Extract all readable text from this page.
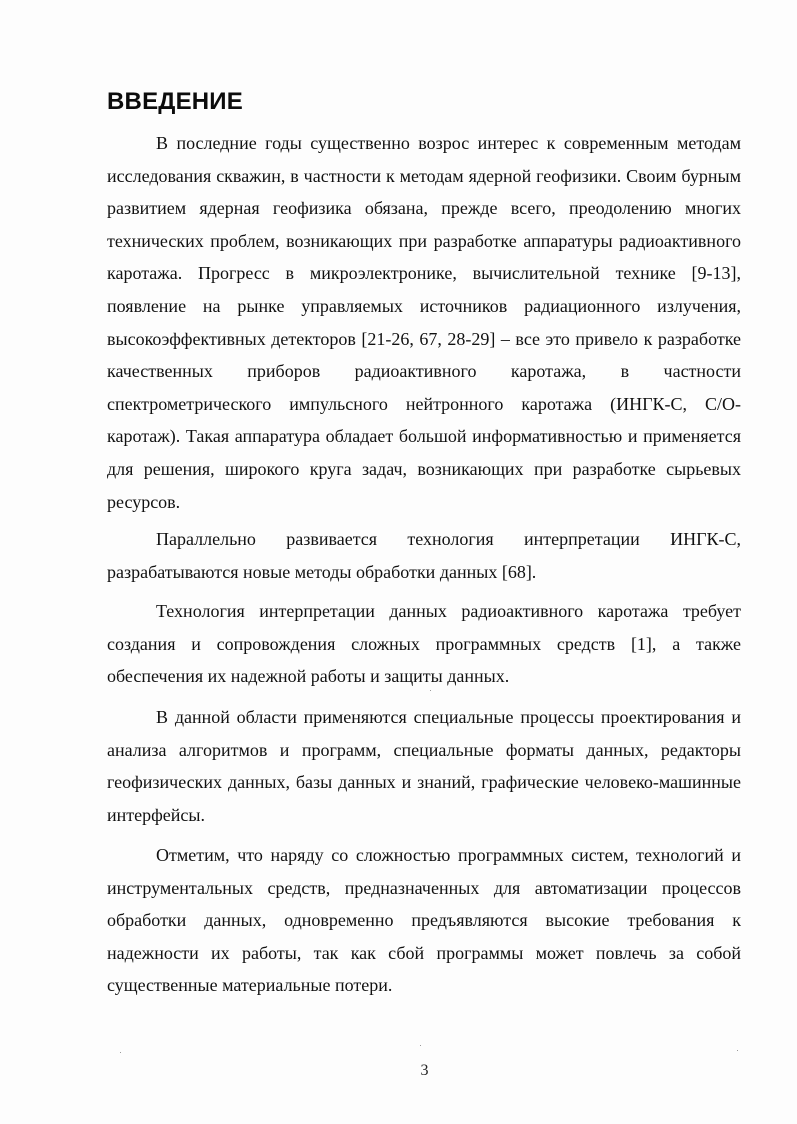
ВВЕДЕНИЕ

В последние годы существенно возрос интерес к современным методам исследования скважин, в частности к методам ядерной геофизики. Своим бурным развитием ядерная геофизика обязана, прежде всего, преодолению многих технических проблем, возникающих при разработке аппаратуры радиоактивного каротажа. Прогресс в микроэлектронике, вычислительной технике [9-13], появление на рынке управляемых источников радиационного излучения, высокоэффективных детекторов [21-26, 67, 28-29] – все это привело к разработке качественных приборов радиоактивного каротажа, в частности спектрометрического импульсного нейтронного каротажа (ИНГК-С, С/О-каротаж). Такая аппаратура обладает большой информативностью и применяется для решения, широкого круга задач, возникающих при разработке сырьевых ресурсов.

Параллельно развивается технология интерпретации ИНГК-С, разрабатываются новые методы обработки данных [68].

Технология интерпретации данных радиоактивного каротажа требует создания и сопровождения сложных программных средств [1], а также обеспечения их надежной работы и защиты данных.

В данной области применяются специальные процессы проектирования и анализа алгоритмов и программ, специальные форматы данных, редакторы геофизических данных, базы данных и знаний, графические человеко-машинные интерфейсы.

Отметим, что наряду со сложностью программных систем, технологий и инструментальных средств, предназначенных для автоматизации процессов обработки данных, одновременно предъявляются высокие требования к надежности их работы, так как сбой программы может повлечь за собой существенные материальные потери.

3
